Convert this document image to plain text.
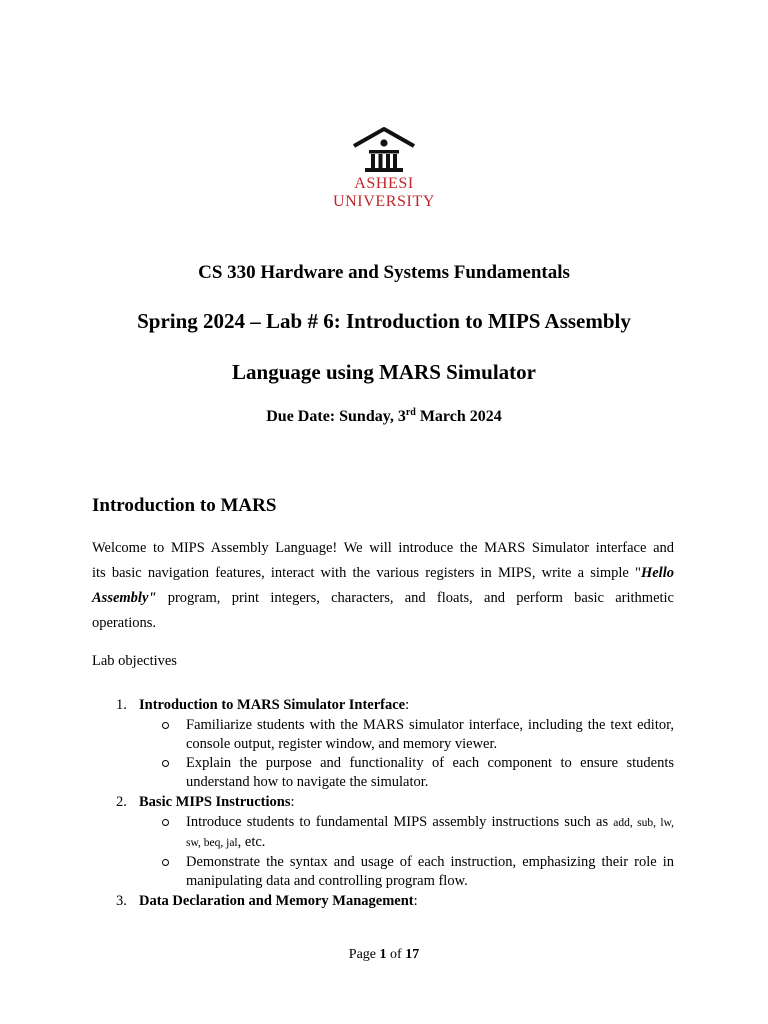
ASHESI
UNIVERSITY
CS 330 Hardware and Systems Fundamentals
Spring 2024 – Lab # 6: Introduction to MIPS Assembly
Language using MARS Simulator
Due Date: Sunday, 3rd March 2024
Introduction to MARS
Welcome to MIPS Assembly Language! We will introduce the MARS Simulator interface and
its basic navigation features, interact with the various registers in MIPS, write a simple "Hello
Assembly" program, print integers, characters, and floats, and perform basic arithmetic
operations.
Lab objectives
1. Introduction to MARS Simulator Interface:
Familiarize students with the MARS simulator interface, including the text editor, console output, register window, and memory viewer.
Explain the purpose and functionality of each component to ensure students understand how to navigate the simulator.
2. Basic MIPS Instructions:
Introduce students to fundamental MIPS assembly instructions such as add, sub, lw, sw, beq, jal, etc.
Demonstrate the syntax and usage of each instruction, emphasizing their role in manipulating data and controlling program flow.
3. Data Declaration and Memory Management:
Page 1 of 17
